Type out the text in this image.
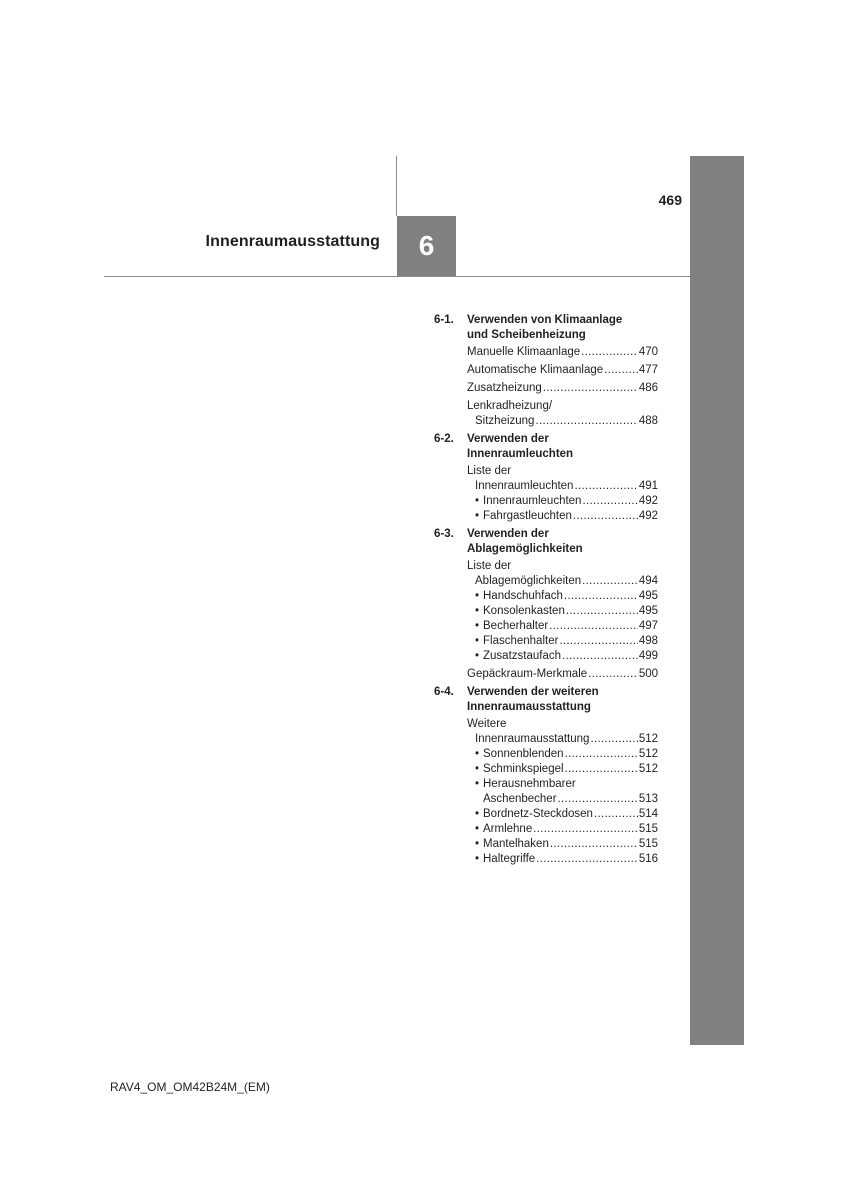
469
Innenraumausstattung	6
6-1.	Verwenden von Klimaanlage
und Scheibenheizung
Manuelle Klimaanlage .....	470
Automatische Klimaanlage .....	477
Zusatzheizung .....	486
Lenkradheizung/
Sitzheizung .....	488
6-2.	Verwenden der
Innenraumleuchten
Liste der
Innenraumleuchten .....	491
• Innenraumleuchten .....	492
• Fahrgastleuchten .....	492
6-3.	Verwenden der
Ablagemöglichkeiten
Liste der
Ablagemöglichkeiten .....	494
• Handschuhfach .....	495
• Konsolenkasten .....	495
• Becherhalter .....	497
• Flaschenhalter .....	498
• Zusatzstaufach .....	499
Gepäckraum-Merkmale .....	500
6-4.	Verwenden der weiteren
Innenraumausstattung
Weitere
Innenraumausstattung .....	512
• Sonnenblenden .....	512
• Schminkspiegel .....	512
• Herausnehmbarer
Aschenbecher .....	513
• Bordnetz-Steckdosen .....	514
• Armlehne .....	515
• Mantelhaken .....	515
• Haltegriffe .....	516
RAV4_OM_OM42B24M_(EM)
